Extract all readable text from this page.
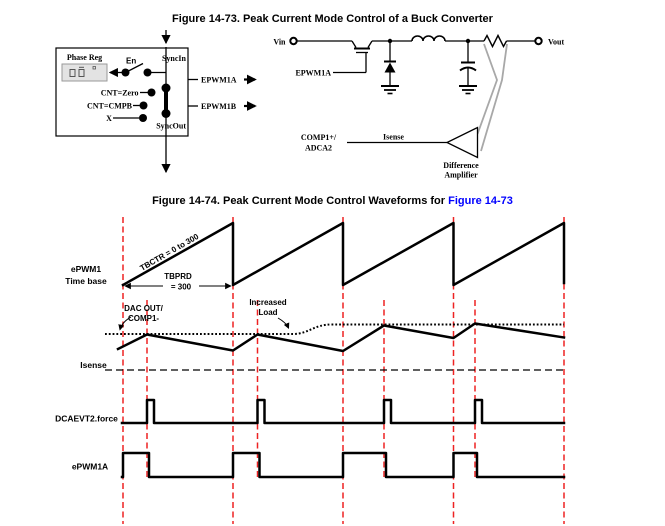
Figure 14-73. Peak Current Mode Control of a Buck Converter
Figure 14-74. Peak Current Mode Control Waveforms for Figure 14-73
Phase Reg	En	SyncIn
CNT=Zero
CNT=CMPB
X
SyncOut
EPWM1A
EPWM1B
Vin	Vout
EPWM1A
COMP1+/
ADCA2
Isense
Difference
Amplifier
TBPRD
= 300
TBCTR = 0 to 300
DAC OUT/
COMP1-
Increased
Load
ePWM1
Time base
Isense
DCAEVT2.force
ePWM1A
